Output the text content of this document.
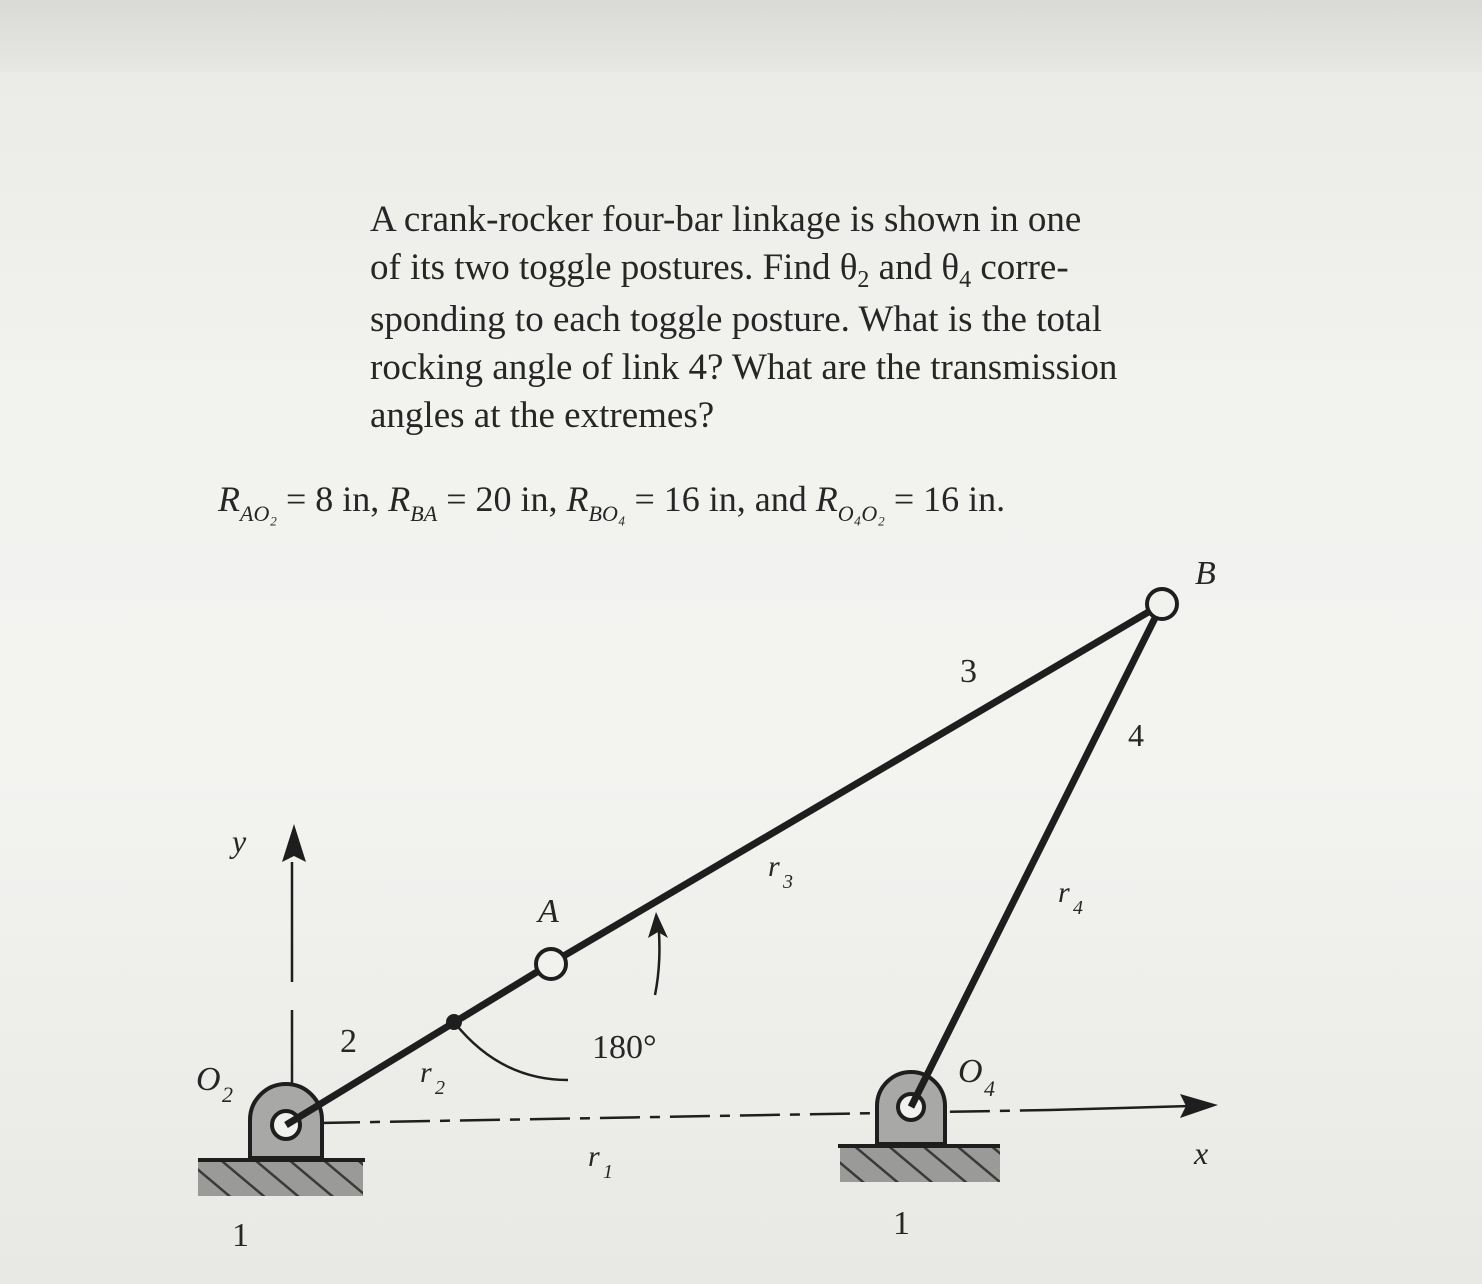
A crank-rocker four-bar linkage is shown in one
of its two toggle postures. Find $\theta_2$ and $\theta_4$ corre-
sponding to each toggle posture. What is the total
rocking angle of link 4? What are the transmission
angles at the extremes?
$R_{AO_2} = 8$ in, $R_{BA} = 20$ in, $R_{BO_4} = 16$ in, and $R_{O_4O_2} = 16$ in.
B
A
3
4
2
1	1
180°
y
x
O 2
O 4
r 3	r 4
r 2
r 1
